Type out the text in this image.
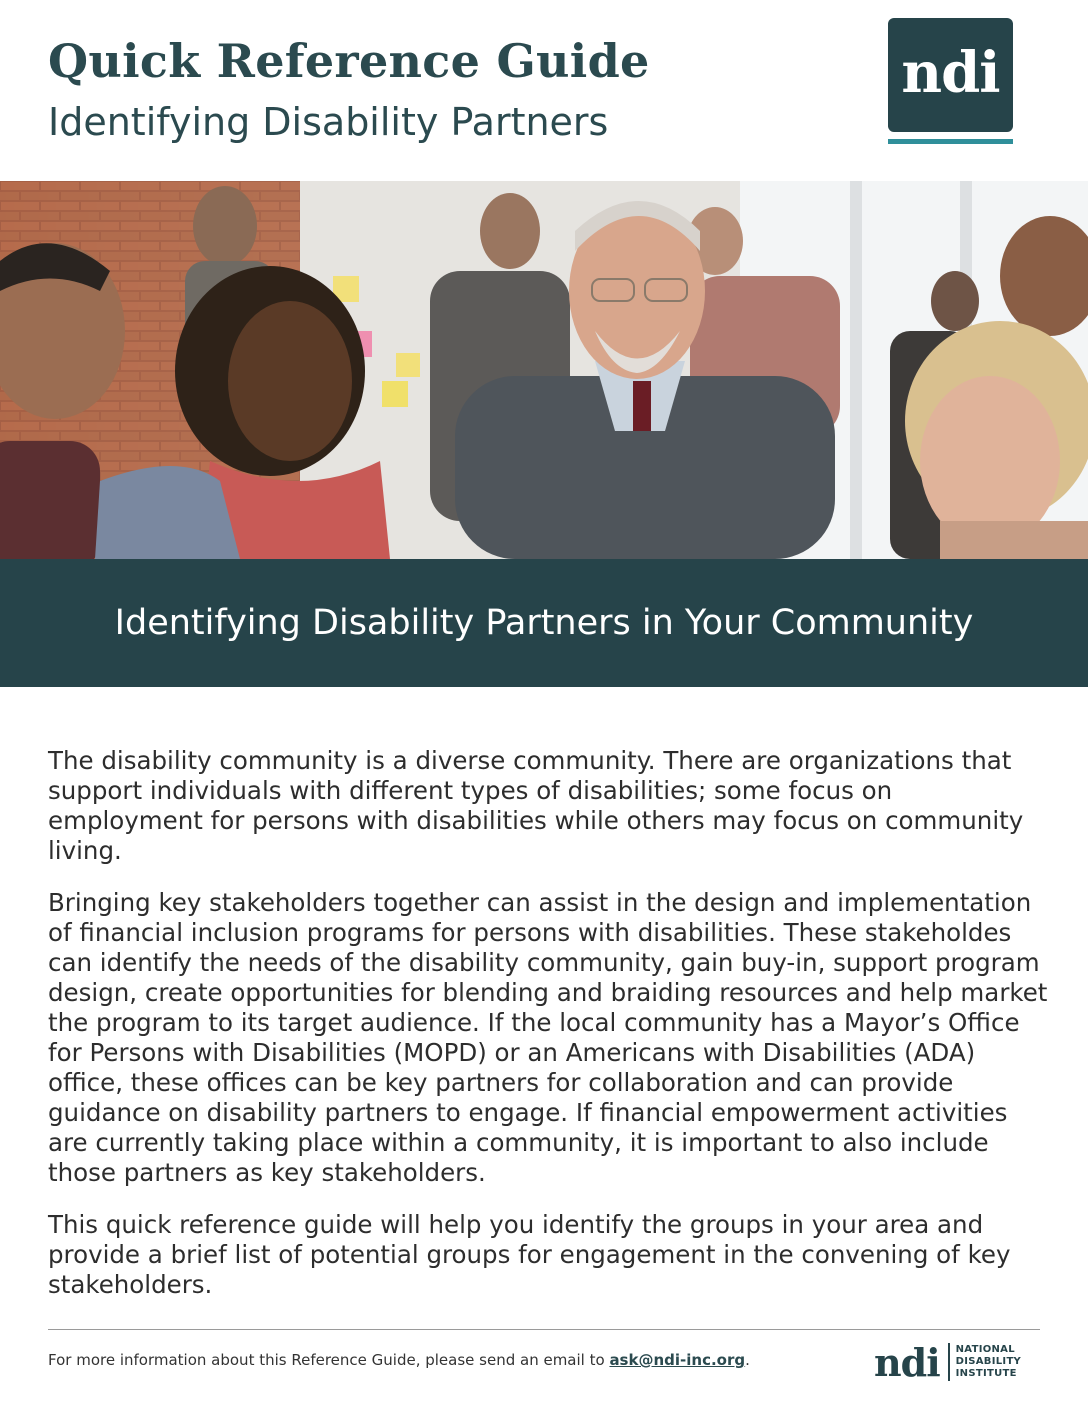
Quick Reference Guide
Identifying Disability Partners
ndi
Identifying Disability Partners in Your Community

The disability community is a diverse community. There are organizations that support individuals with different types of disabilities; some focus on employment for persons with disabilities while others may focus on community living.

Bringing key stakeholders together can assist in the design and implementation of financial inclusion programs for persons with disabilities. These stakeholdes can identify the needs of the disability community, gain buy-in, support program design, create opportunities for blending and braiding resources and help market the program to its target audience. If the local community has a Mayor’s Office for Persons with Disabilities (MOPD) or an Americans with Disabilities (ADA) office, these offices can be key partners for collaboration and can provide guidance on disability partners to engage. If financial empowerment activities are currently taking place within a community, it is important to also include those partners as key stakeholders.

This quick reference guide will help you identify the groups in your area and provide a brief list of potential groups for engagement in the convening of key stakeholders.

For more information about this Reference Guide, please send an email to ask@ndi-inc.org.	ndi NATIONAL
DISABILITY
INSTITUTE
